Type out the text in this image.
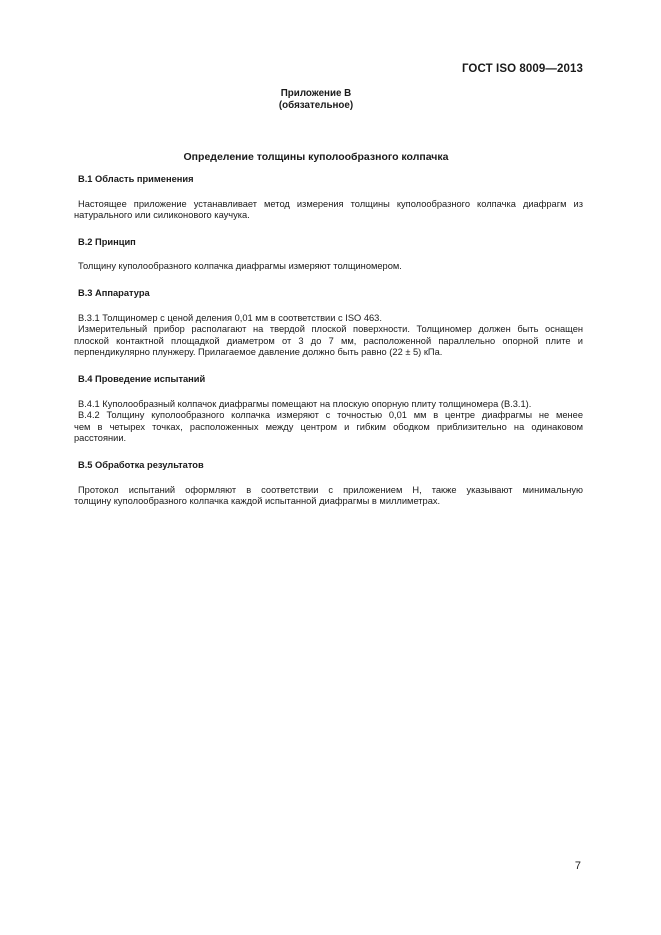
ГОСТ ISO 8009—2013
Приложение В
(обязательное)
Определение толщины куполообразного колпачка
В.1 Область применения
Настоящее приложение устанавливает метод измерения толщины куполообразного колпачка диафрагм из
натурального или силиконового каучука.
В.2 Принцип
Толщину куполообразного колпачка диафрагмы измеряют толщиномером.
В.3 Аппаратура
В.3.1 Толщиномер с ценой деления 0,01 мм в соответствии с ISO 463.
Измерительный прибор располагают на твердой плоской поверхности. Толщиномер должен быть оснащен
плоской контактной площадкой диаметром от 3 до 7 мм, расположенной параллельно опорной плите и перпендикулярно плунжеру. Прилагаемое давление должно быть равно (22 ± 5) кПа.
В.4 Проведение испытаний
В.4.1 Куполообразный колпачок диафрагмы помещают на плоскую опорную плиту толщиномера (В.3.1).
В.4.2 Толщину куполообразного колпачка измеряют с точностью 0,01 мм в центре диафрагмы не менее
чем в четырех точках, расположенных между центром и гибким ободком приблизительно на одинаковом расстоянии.
В.5 Обработка результатов
Протокол испытаний оформляют в соответствии с приложением Н, также указывают минимальную
толщину куполообразного колпачка каждой испытанной диафрагмы в миллиметрах.
7
